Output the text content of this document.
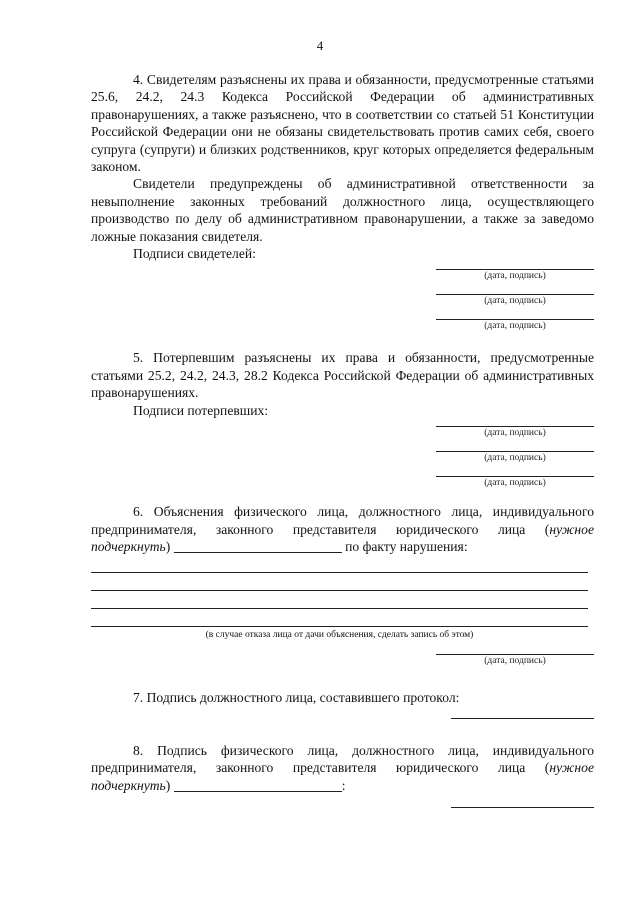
4

4. Свидетелям разъяснены их права и обязанности, предусмотренные статьями 25.6, 24.2, 24.3 Кодекса Российской Федерации об административных правонарушениях, а также разъяснено, что в соответствии со статьей 51 Конституции Российской Федерации они не обязаны свидетельствовать против самих себя, своего супруга (супруги) и близких родственников, круг которых определяется федеральным законом.

Свидетели предупреждены об административной ответственности за невыполнение законных требований должностного лица, осуществляющего производство по делу об административном правонарушении, а также за заведомо ложные показания свидетеля.

Подписи свидетелей:

(дата, подпись)
(дата, подпись)
(дата, подпись)

5. Потерпевшим разъяснены их права и обязанности, предусмотренные статьями 25.2, 24.2, 24.3, 28.2 Кодекса Российской Федерации об административных правонарушениях.

Подписи потерпевших:

(дата, подпись)
(дата, подпись)
(дата, подпись)

6. Объяснения физического лица, должностного лица, индивидуального предпринимателя, законного представителя юридического лица (нужное подчеркнуть)	по факту нарушения:

(в случае отказа лица от дачи объяснения, сделать запись об этом)
(дата, подпись)

7. Подпись должностного лица, составившего протокол:

8. Подпись физического лица, должностного лица, индивидуального предпринимателя, законного представителя юридического лица (нужное подчеркнуть)	:
